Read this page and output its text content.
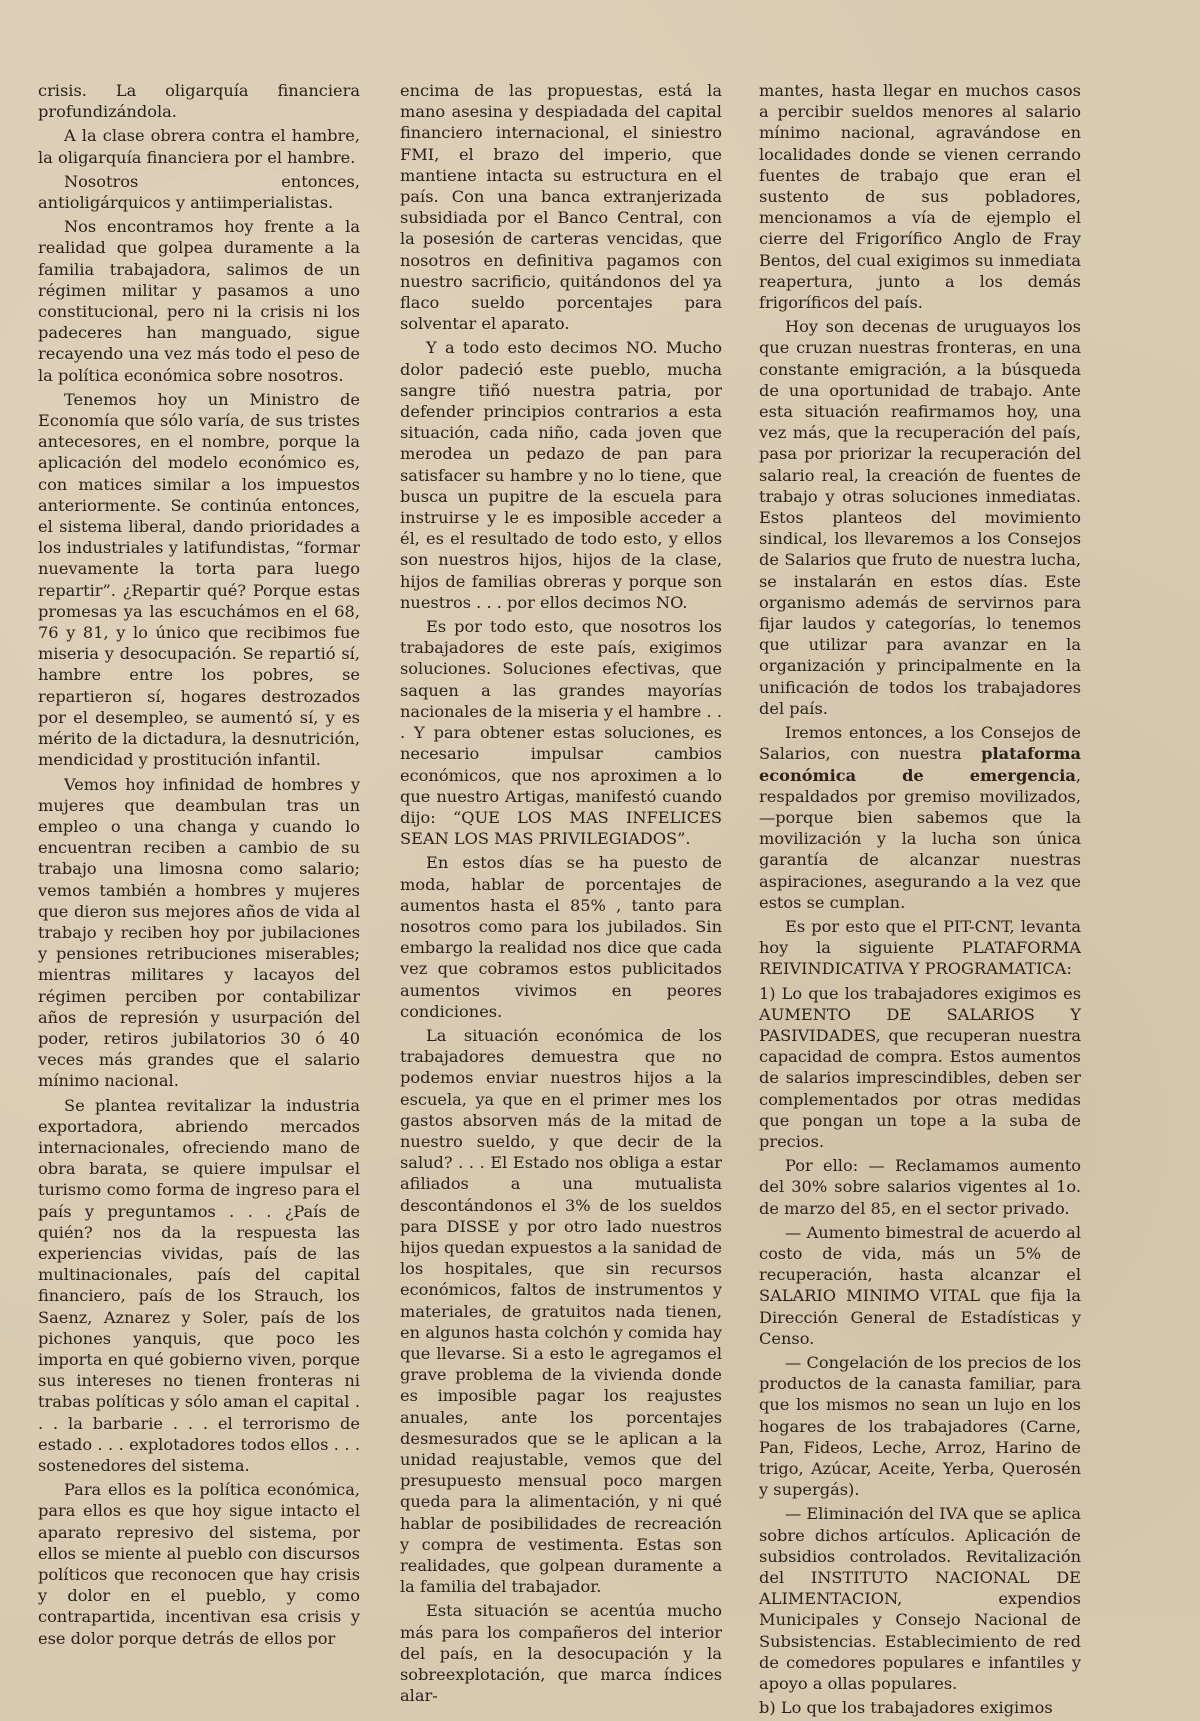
crisis. La oligarquía financiera profundizándola.

A la clase obrera contra el hambre, la oligarquía financiera por el hambre.

Nosotros entonces, antioligárquicos y antiimperialistas.

Nos encontramos hoy frente a la realidad que golpea duramente a la familia trabajadora, salimos de un régimen militar y pasamos a uno constitucional, pero ni la crisis ni los padeceres han manguado, sigue recayendo una vez más todo el peso de la política económica sobre nosotros.

Tenemos hoy un Ministro de Economía que sólo varía, de sus tristes antecesores, en el nombre, porque la aplicación del modelo económico es, con matices similar a los impuestos anteriormente. Se continúa entonces, el sistema liberal, dando prioridades a los industriales y latifundistas, “formar nuevamente la torta para luego repartir”. ¿Repartir qué? Porque estas promesas ya las escuchámos en el 68, 76 y 81, y lo único que recibimos fue miseria y desocupación. Se repartió sí, hambre entre los pobres, se repartieron sí, hogares destrozados por el desempleo, se aumentó sí, y es mérito de la dictadura, la desnutrición, mendicidad y prostitución infantil.

Vemos hoy infinidad de hombres y mujeres que deambulan tras un empleo o una changa y cuando lo encuentran reciben a cambio de su trabajo una limosna como salario; vemos también a hombres y mujeres que dieron sus mejores años de vida al trabajo y reciben hoy por jubilaciones y pensiones retribuciones miserables; mientras militares y lacayos del régimen perciben por contabilizar años de represión y usurpación del poder, retiros jubilatorios 30 ó 40 veces más grandes que el salario mínimo nacional.

Se plantea revitalizar la industria exportadora, abriendo mercados internacionales, ofreciendo mano de obra barata, se quiere impulsar el turismo como forma de ingreso para el país y preguntamos . . . ¿País de quién? nos da la respuesta las experiencias vividas, país de las multinacionales, país del capital financiero, país de los Strauch, los Saenz, Aznarez y Soler, país de los pichones yanquis, que poco les importa en qué gobierno viven, porque sus intereses no tienen fronteras ni trabas políticas y sólo aman el capital . . . la barbarie . . . el terrorismo de estado . . . explotadores todos ellos . . . sostenedores del sistema.

Para ellos es la política económica, para ellos es que hoy sigue intacto el aparato represivo del sistema, por ellos se miente al pueblo con discursos políticos que reconocen que hay crisis y dolor en el pueblo, y como contrapartida, incentivan esa crisis y ese dolor porque detrás de ellos por

encima de las propuestas, está la mano asesina y despiadada del capital financiero internacional, el siniestro FMI, el brazo del imperio, que mantiene intacta su estructura en el país. Con una banca extranjerizada subsidiada por el Banco Central, con la posesión de carteras vencidas, que nosotros en definitiva pagamos con nuestro sacrificio, quitándonos del ya flaco sueldo porcentajes para solventar el aparato.

Y a todo esto decimos NO. Mucho dolor padeció este pueblo, mucha sangre tiñó nuestra patria, por defender principios contrarios a esta situación, cada niño, cada joven que merodea un pedazo de pan para satisfacer su hambre y no lo tiene, que busca un pupitre de la escuela para instruirse y le es imposible acceder a él, es el resultado de todo esto, y ellos son nuestros hijos, hijos de la clase, hijos de familias obreras y porque son nuestros . . . por ellos decimos NO.

Es por todo esto, que nosotros los trabajadores de este país, exigimos soluciones. Soluciones efectivas, que saquen a las grandes mayorías nacionales de la miseria y el hambre . . . Y para obtener estas soluciones, es necesario impulsar cambios económicos, que nos aproximen a lo que nuestro Artigas, manifestó cuando dijo: “QUE LOS MAS INFELICES SEAN LOS MAS PRIVILEGIADOS”.

En estos días se ha puesto de moda, hablar de porcentajes de aumentos hasta el 85% , tanto para nosotros como para los jubilados. Sin embargo la realidad nos dice que cada vez que cobramos estos publicitados aumentos vivimos en peores condiciones.

La situación económica de los trabajadores demuestra que no podemos enviar nuestros hijos a la escuela, ya que en el primer mes los gastos absorven más de la mitad de nuestro sueldo, y que decir de la salud? . . . El Estado nos obliga a estar afiliados a una mutualista descontándonos el 3% de los sueldos para DISSE y por otro lado nuestros hijos quedan expuestos a la sanidad de los hospitales, que sin recursos económicos, faltos de instrumentos y materiales, de gratuitos nada tienen, en algunos hasta colchón y comida hay que llevarse. Si a esto le agregamos el grave problema de la vivienda donde es imposible pagar los reajustes anuales, ante los porcentajes desmesurados que se le aplican a la unidad reajustable, vemos que del presupuesto mensual poco margen queda para la alimentación, y ni qué hablar de posibilidades de recreación y compra de vestimenta. Estas son realidades, que golpean duramente a la familia del trabajador.

Esta situación se acentúa mucho más para los compañeros del interior del país, en la desocupación y la sobreexplotación, que marca índices alar-

mantes, hasta llegar en muchos casos a percibir sueldos menores al salario mínimo nacional, agravándose en localidades donde se vienen cerrando fuentes de trabajo que eran el sustento de sus pobladores, mencionamos a vía de ejemplo el cierre del Frigorífico Anglo de Fray Bentos, del cual exigimos su inmediata reapertura, junto a los demás frigoríficos del país.

Hoy son decenas de uruguayos los que cruzan nuestras fronteras, en una constante emigración, a la búsqueda de una oportunidad de trabajo. Ante esta situación reafirmamos hoy, una vez más, que la recuperación del país, pasa por priorizar la recuperación del salario real, la creación de fuentes de trabajo y otras soluciones inmediatas. Estos planteos del movimiento sindical, los llevaremos a los Consejos de Salarios que fruto de nuestra lucha, se instalarán en estos días. Este organismo además de servirnos para fijar laudos y categorías, lo tenemos que utilizar para avanzar en la organización y principalmente en la unificación de todos los trabajadores del país.

Iremos entonces, a los Consejos de Salarios, con nuestra plataforma económica de emergencia, respaldados por gremiso movilizados, —porque bien sabemos que la movilización y la lucha son única garantía de alcanzar nuestras aspiraciones, asegurando a la vez que estos se cumplan.

Es por esto que el PIT-CNT, levanta hoy la siguiente PLATAFORMA REIVINDICATIVA Y PROGRAMATICA:

1) Lo que los trabajadores exigimos es AUMENTO DE SALARIOS Y PASIVIDADES, que recuperan nuestra capacidad de compra. Estos aumentos de salarios imprescindibles, deben ser complementados por otras medidas que pongan un tope a la suba de precios.

Por ello: — Reclamamos aumento del 30% sobre salarios vigentes al 1o. de marzo del 85, en el sector privado.

— Aumento bimestral de acuerdo al costo de vida, más un 5% de recuperación, hasta alcanzar el SALARIO MINIMO VITAL que fija la Dirección General de Estadísticas y Censo.

— Congelación de los precios de los productos de la canasta familiar, para que los mismos no sean un lujo en los hogares de los trabajadores (Carne, Pan, Fideos, Leche, Arroz, Harino de trigo, Azúcar, Aceite, Yerba, Querosén y supergás).

— Eliminación del IVA que se aplica sobre dichos artículos. Aplicación de subsidios controlados. Revitalización del INSTITUTO NACIONAL DE ALIMENTACION, expendios Municipales y Consejo Nacional de Subsistencias. Establecimiento de red de comedores populares e infantiles y apoyo a ollas populares.

b) Lo que los trabajadores exigimos
